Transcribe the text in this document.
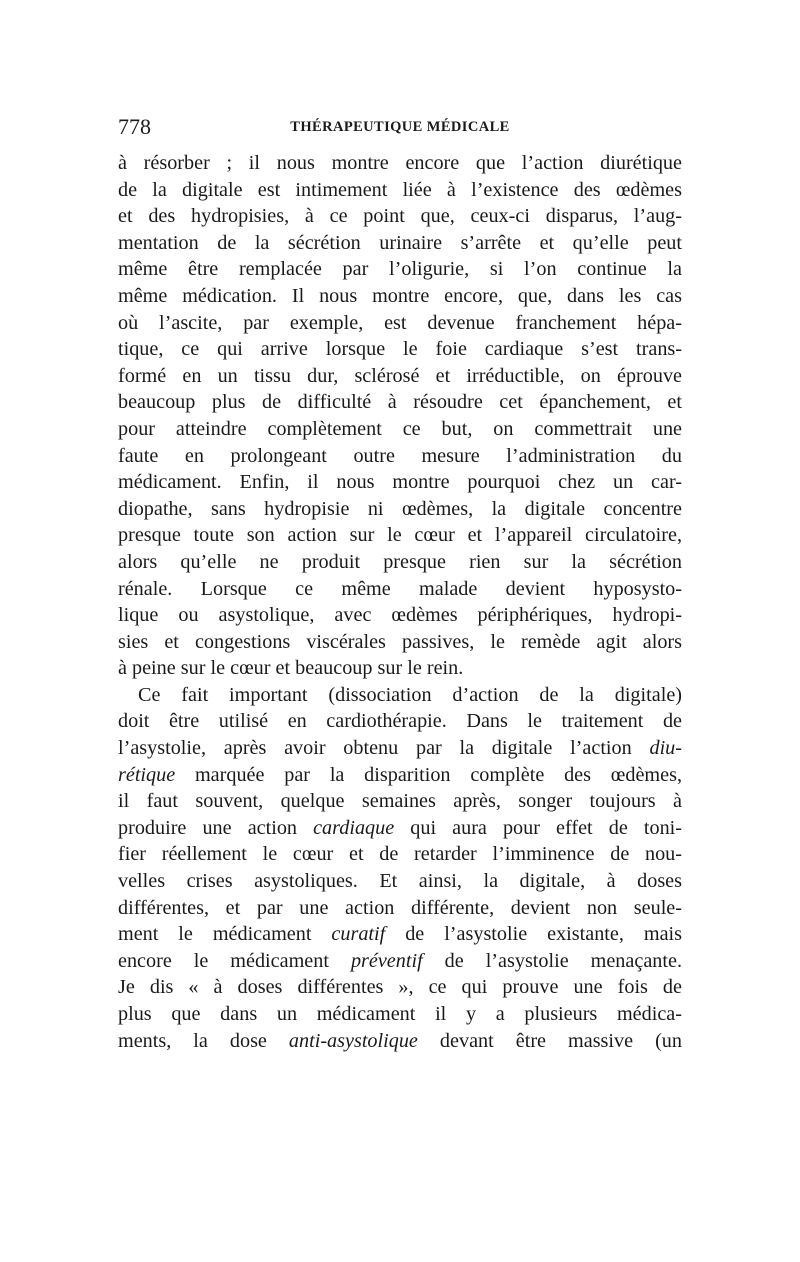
778	THÉRAPEUTIQUE MÉDICALE
à résorber ; il nous montre encore que l’action diurétique
de la digitale est intimement liée à l’existence des œdèmes
et des hydropisies, à ce point que, ceux-ci disparus, l’aug-
mentation de la sécrétion urinaire s’arrête et qu’elle peut
même être remplacée par l’oligurie, si l’on continue la
même médication. Il nous montre encore, que, dans les cas
où l’ascite, par exemple, est devenue franchement hépa-
tique, ce qui arrive lorsque le foie cardiaque s’est trans-
formé en un tissu dur, sclérosé et irréductible, on éprouve
beaucoup plus de difficulté à résoudre cet épanchement, et
pour atteindre complètement ce but, on commettrait une
faute en prolongeant outre mesure l’administration du
médicament. Enfin, il nous montre pourquoi chez un car-
diopathe, sans hydropisie ni œdèmes, la digitale concentre
presque toute son action sur le cœur et l’appareil circulatoire,
alors qu’elle ne produit presque rien sur la sécrétion
rénale. Lorsque ce même malade devient hyposysto-
lique ou asystolique, avec œdèmes périphériques, hydropi-
sies et congestions viscérales passives, le remède agit alors
à peine sur le cœur et beaucoup sur le rein.
Ce fait important (dissociation d’action de la digitale)
doit être utilisé en cardiothérapie. Dans le traitement de
l’asystolie, après avoir obtenu par la digitale l’action diu-
rétique marquée par la disparition complète des œdèmes,
il faut souvent, quelque semaines après, songer toujours à
produire une action cardiaque qui aura pour effet de toni-
fier réellement le cœur et de retarder l’imminence de nou-
velles crises asystoliques. Et ainsi, la digitale, à doses
différentes, et par une action différente, devient non seule-
ment le médicament curatif de l’asystolie existante, mais
encore le médicament préventif de l’asystolie menaçante.
Je dis « à doses différentes », ce qui prouve une fois de
plus que dans un médicament il y a plusieurs médica-
ments, la dose anti-asystolique devant être massive (un
